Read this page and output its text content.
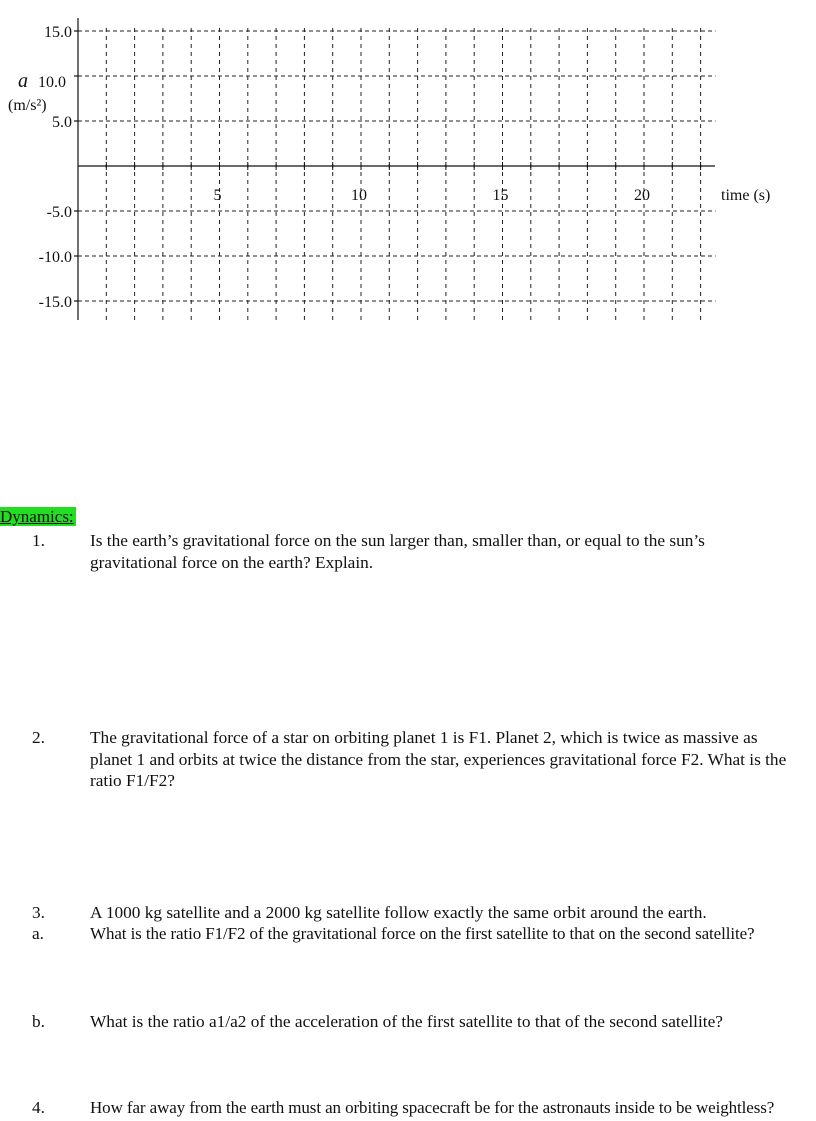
15.0
5.0
-5.0
-10.0
-15.0
5	10	15	20
a 10.0
(m/s²)
time (s)
Dynamics:
1.	Is the earth’s gravitational force on the sun larger than, smaller than, or equal to the sun’s
gravitational force on the earth? Explain.
2.	The gravitational force of a star on orbiting planet 1 is F1. Planet 2, which is twice as massive as
planet 1 and orbits at twice the distance from the star, experiences gravitational force F2. What is the
ratio F1/F2?
3.	A 1000 kg satellite and a 2000 kg satellite follow exactly the same orbit around the earth.
a.	What is the ratio F1/F2 of the gravitational force on the first satellite to that on the second satellite?
b.	What is the ratio a1/a2 of the acceleration of the first satellite to that of the second satellite?
4.	How far away from the earth must an orbiting spacecraft be for the astronauts inside to be weightless?
